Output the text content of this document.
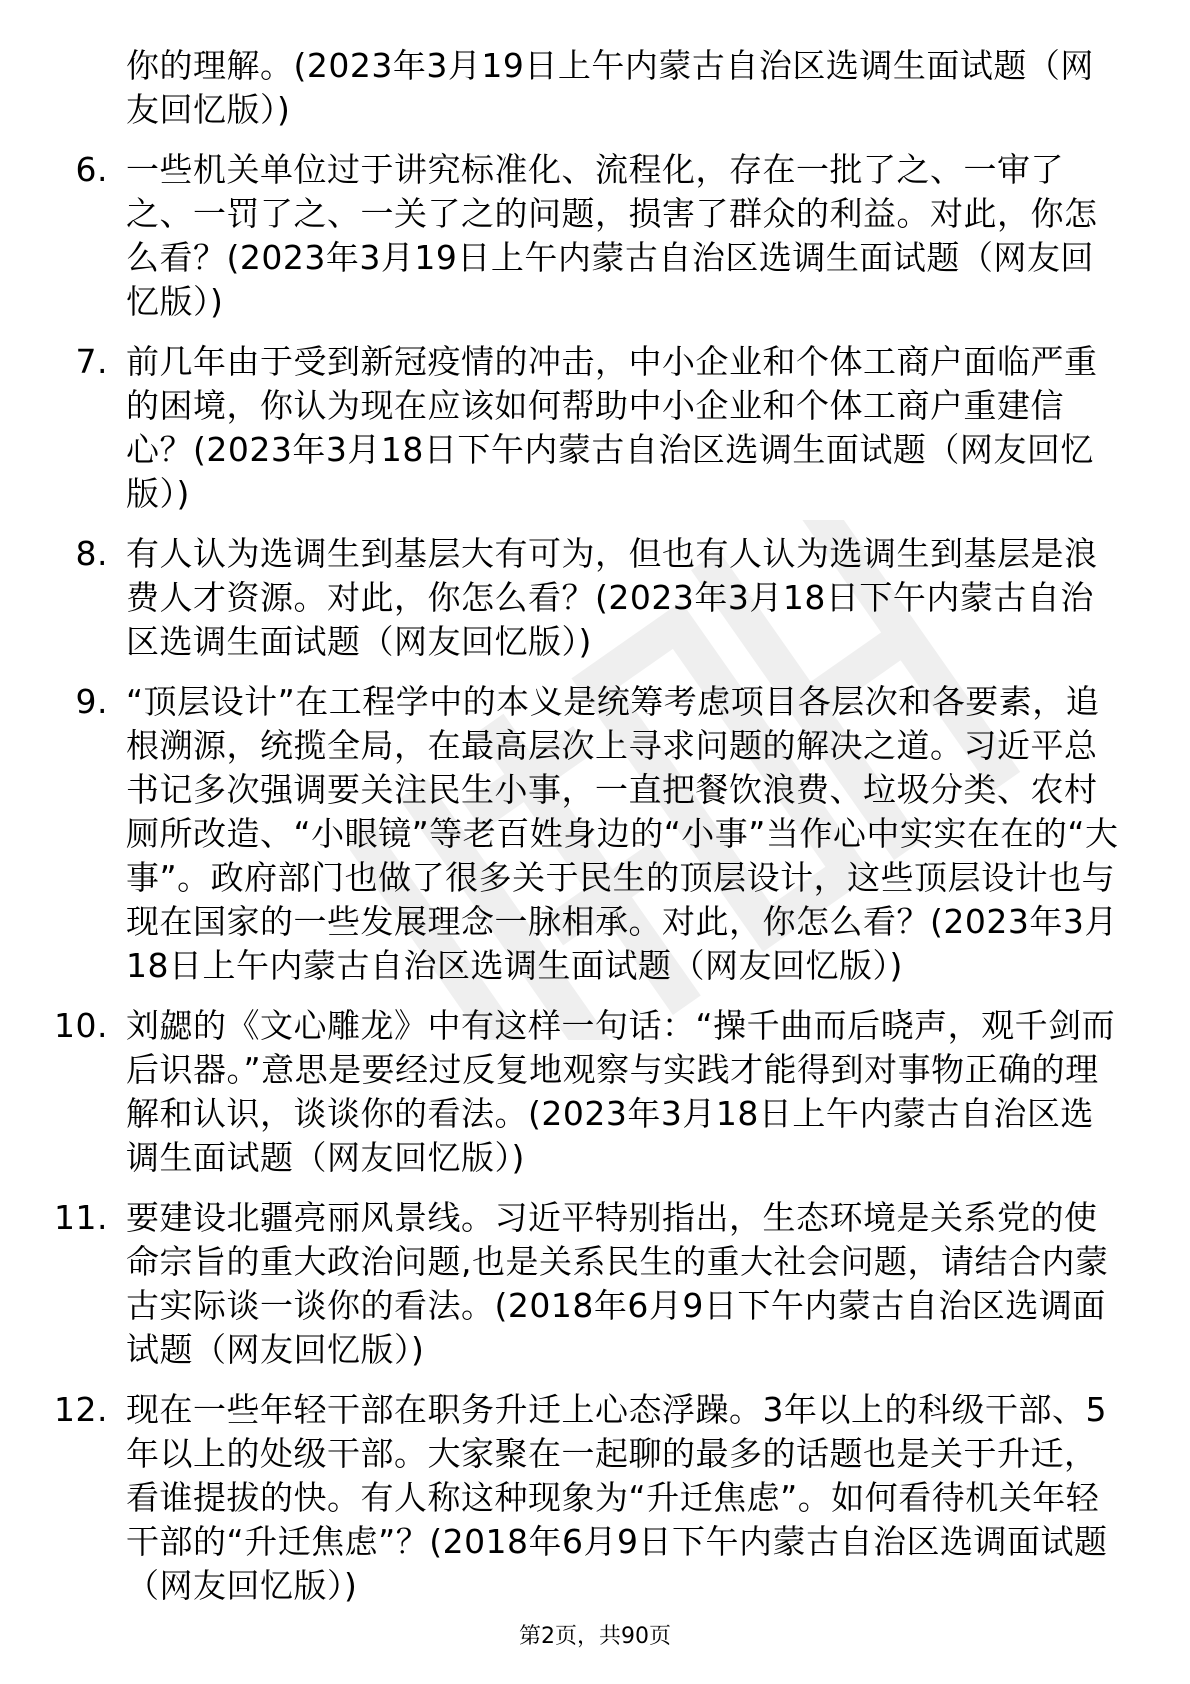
你的理解。(2023年3月19日上午内蒙古自治区选调生面试题（网友回忆版）)
6. 一些机关单位过于讲究标准化、流程化，存在一批了之、一审了之、一罚了之、一关了之的问题，损害了群众的利益。对此，你怎么看？(2023年3月19日上午内蒙古自治区选调生面试题（网友回忆版）)
7. 前几年由于受到新冠疫情的冲击，中小企业和个体工商户面临严重的困境，你认为现在应该如何帮助中小企业和个体工商户重建信心？(2023年3月18日下午内蒙古自治区选调生面试题（网友回忆版）)
8. 有人认为选调生到基层大有可为，但也有人认为选调生到基层是浪费人才资源。对此，你怎么看？(2023年3月18日下午内蒙古自治区选调生面试题（网友回忆版）)
9. “顶层设计”在工程学中的本义是统筹考虑项目各层次和各要素，追根溯源，统揽全局，在最高层次上寻求问题的解决之道。习近平总书记多次强调要关注民生小事，一直把餐饮浪费、垃圾分类、农村厕所改造、“小眼镜”等老百姓身边的“小事”当作心中实实在在的“大事”。政府部门也做了很多关于民生的顶层设计，这些顶层设计也与现在国家的一些发展理念一脉相承。对此，你怎么看？(2023年3月18日上午内蒙古自治区选调生面试题（网友回忆版）)
10. 刘勰的《文心雕龙》中有这样一句话：“操千曲而后晓声，观千剑而后识器。”意思是要经过反复地观察与实践才能得到对事物正确的理解和认识，谈谈你的看法。(2023年3月18日上午内蒙古自治区选调生面试题（网友回忆版）)
11. 要建设北疆亮丽风景线。习近平特别指出，生态环境是关系党的使命宗旨的重大政治问题,也是关系民生的重大社会问题，请结合内蒙古实际谈一谈你的看法。(2018年6月9日下午内蒙古自治区选调面试题（网友回忆版）)
12. 现在一些年轻干部在职务升迁上心态浮躁。3年以上的科级干部、5年以上的处级干部。大家聚在一起聊的最多的话题也是关于升迁，看谁提拔的快。有人称这种现象为“升迁焦虑”。如何看待机关年轻干部的“升迁焦虑”？(2018年6月9日下午内蒙古自治区选调面试题（网友回忆版）)
第2页，共90页
